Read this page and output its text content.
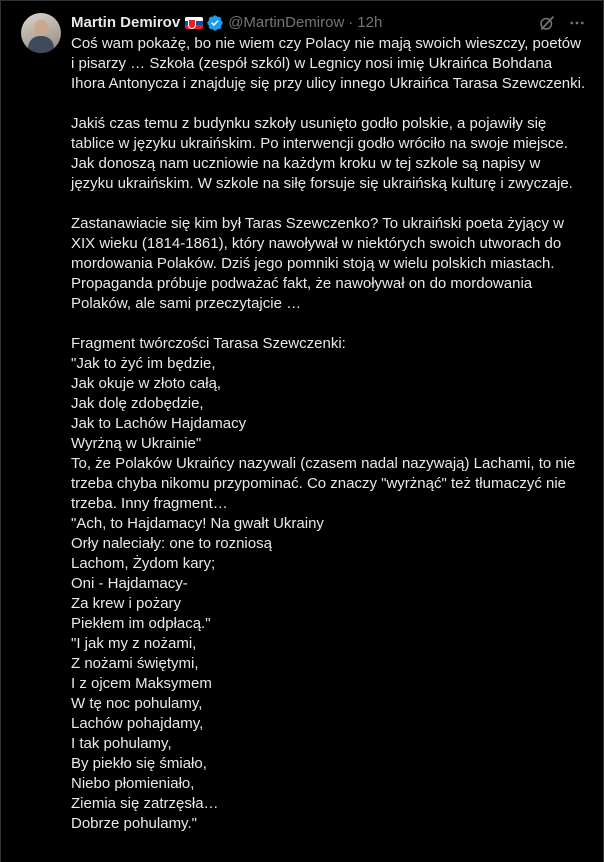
Martin Demirov	@MartinDemirow · 12h
Coś wam pokażę, bo nie wiem czy Polacy nie mają swoich wieszczy, poetów i pisarzy … Szkoła (zespół szkól) w Legnicy nosi imię Ukraińca Bohdana Ihora Antonycza i znajduję się przy ulicy innego Ukraińca Tarasa Szewczenki.

Jakiś czas temu z budynku szkoły usunięto godło polskie, a pojawiły się tablice w języku ukraińskim. Po interwencji godło wróciło na swoje miejsce. Jak donoszą nam uczniowie na każdym kroku w tej szkole są napisy w języku ukraińskim. W szkole na siłę forsuje się ukraińską kulturę i zwyczaje.

Zastanawiacie się kim był Taras Szewczenko? To ukraiński poeta żyjący w XIX wieku (1814-1861), który nawoływał w niektórych swoich utworach do mordowania Polaków. Dziś jego pomniki stoją w wielu polskich miastach. Propaganda próbuje podważać fakt, że nawoływał on do mordowania Polaków, ale sami przeczytajcie …

Fragment twórczości Tarasa Szewczenki:
"Jak to żyć im będzie,
Jak okuje w złoto całą,
Jak dolę zdobędzie,
Jak to Lachów Hajdamacy
Wyrżną w Ukrainie"
To, że Polaków Ukraińcy nazywali (czasem nadal nazywają) Lachami, to nie trzeba chyba nikomu przypominać. Co znaczy "wyrżnąć" też tłumaczyć nie trzeba. Inny fragment…
"Ach, to Hajdamacy! Na gwałt Ukrainy
Orły naleciały: one to rozniosą
Lachom, Żydom kary;
Oni - Hajdamacy-
Za krew i pożary
Piekłem im odpłacą."
"I jak my z nożami,
Z nożami świętymi,
I z ojcem Maksymem
W tę noc pohulamy,
Lachów pohajdamy,
I tak pohulamy,
By piekło się śmiało,
Niebo płomieniało,
Ziemia się zatrzęsła…
Dobrze pohulamy."
